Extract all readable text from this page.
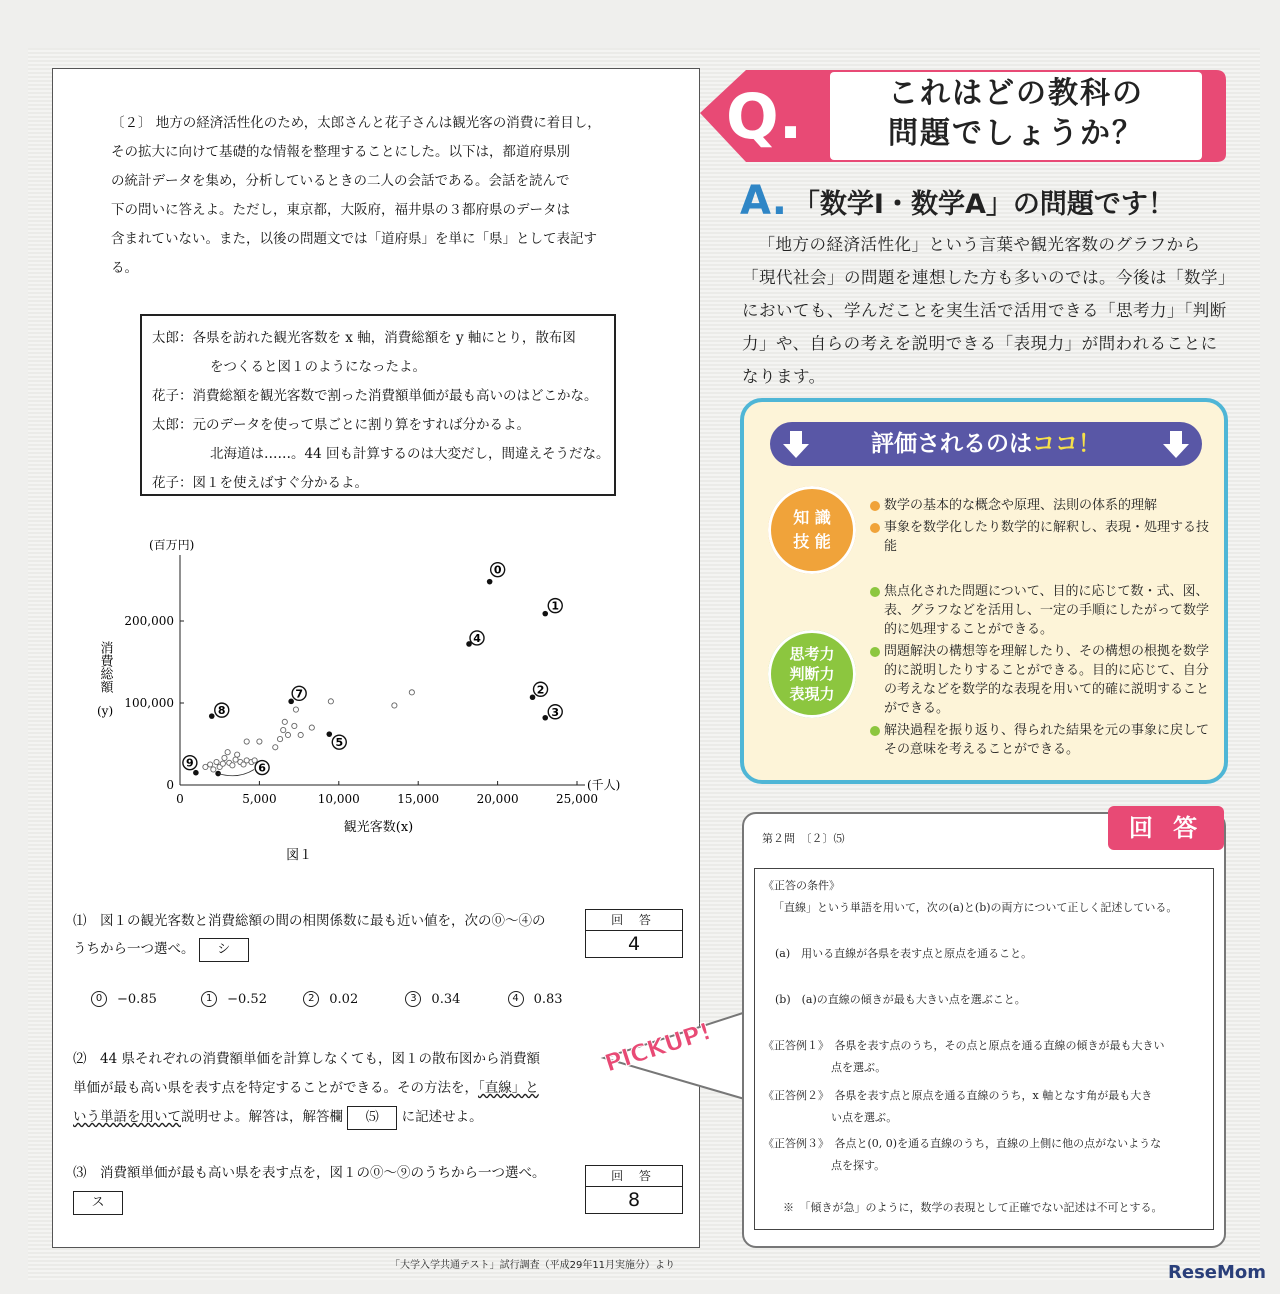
〔２〕 地方の経済活性化のため，太郎さんと花子さんは観光客の消費に着目し，
その拡大に向けて基礎的な情報を整理することにした。以下は，都道府県別
の統計データを集め，分析しているときの二人の会話である。会話を読んで
下の問いに答えよ。ただし，東京都，大阪府，福井県の３都府県のデータは
含まれていない。また，以後の問題文では「道府県」を単に「県」として表記す
る。
太郎：各県を訪れた観光客数を x 軸，消費総額を y 軸にとり，散布図
をつくると図１のようになったよ。
花子：消費総額を観光客数で割った消費額単価が最も高いのはどこかな。
太郎：元のデータを使って県ごとに割り算をすれば分かるよ。
北海道は……。44 回も計算するのは大変だし，間違えそうだな。
花子：図１を使えばすぐ分かるよ。
0	5,000	10,000	15,000	20,000	25,000
0
100,000
200,000
(千人)
(百万円)
観光客数(x)
消費総額
(y)
図１
0
1
2
3
4
5
6
7
8
9
⑴　図１の観光客数と消費総額の間の相関係数に最も近い値を，次の⓪～④の
うちから一つ選べ。 シ
回 答
4
0 −0.85	1 −0.52	2 0.02	3 0.34	4 0.83
⑵　44 県それぞれの消費額単価を計算しなくても，図１の散布図から消費額
単価が最も高い県を表す点を特定することができる。その方法を，「直線」と
いう単語を用いて説明せよ。解答は，解答欄 ⑸ に記述せよ。
⑶　消費額単価が最も高い県を表す点を，図１の⓪～⑨のうちから一つ選べ。
ス
回 答
8
「大学入学共通テスト」試行調査（平成29年11月実施分）より
Q.	これはどの教科の
問題でしょうか？
A. 「数学Ⅰ・数学A」の問題です！
「地方の経済活性化」という言葉や観光客数のグラフから「現代社会」の問題を連想した方も多いのでは。今後は「数学」においても、学んだことを実生活で活用できる「思考力」「判断力」や、自らの考えを説明できる「表現力」が問われることになります。
評価されるのはココ！
知 識
技 能
数学の基本的な概念や原理、法則の体系的理解
事象を数学化したり数学的に解釈し、表現・処理する技能
思考力
判断力
表現力
焦点化された問題について、目的に応じて数・式、図、表、グラフなどを活用し、一定の手順にしたがって数学的に処理することができる。
問題解決の構想等を理解したり、その構想の根拠を数学的に説明したりすることができる。目的に応じて、自分の考えなどを数学的な表現を用いて的確に説明することができる。
解決過程を振り返り、得られた結果を元の事象に戻してその意味を考えることができる。
PICKUP!
第２問　〔２〕⑸
《正答の条件》
「直線」という単語を用いて，次の(a)と(b)の両方について正しく記述している。
(a)　用いる直線が各県を表す点と原点を通ること。
(b)　(a)の直線の傾きが最も大きい点を選ぶこと。
《正答例１》　各県を表す点のうち，その点と原点を通る直線の傾きが最も大きい
点を選ぶ。
《正答例２》　各県を表す点と原点を通る直線のうち，x 軸となす角が最も大き
い点を選ぶ。
《正答例３》　各点と(0, 0)を通る直線のうち，直線の上側に他の点がないような
点を探す。
※　「傾きが急」のように，数学の表現として正確でない記述は不可とする。
回 答
ReseMom
